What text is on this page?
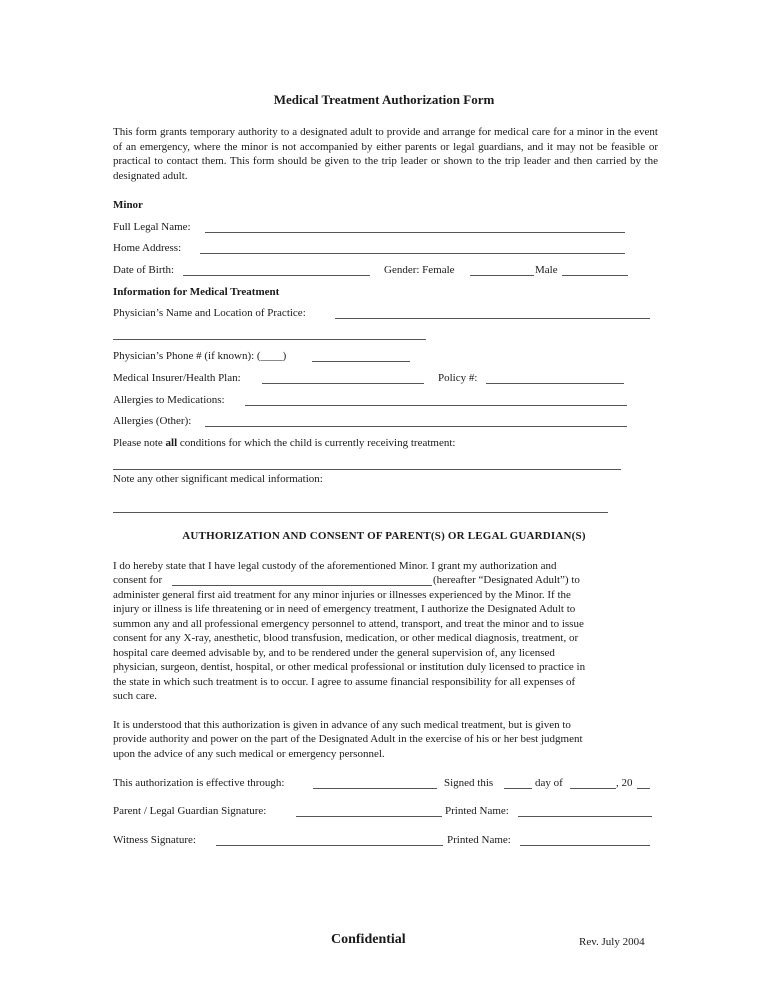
Medical Treatment Authorization Form
This form grants temporary authority to a designated adult to provide and arrange for medical care for a minor in the event of an emergency, where the minor is not accompanied by either parents or legal guardians, and it may not be feasible or practical to contact them. This form should be given to the trip leader or shown to the trip leader and then carried by the designated adult.
Minor
Full Legal Name:
Home Address:
Date of Birth:	Gender: Female	Male
Information for Medical Treatment
Physician’s Name and Location of Practice:
Physician’s Phone # (if known): (____)
Medical Insurer/Health Plan:	Policy #:
Allergies to Medications:
Allergies (Other):
Please note all conditions for which the child is currently receiving treatment:
Note any other significant medical information:
AUTHORIZATION AND CONSENT OF PARENT(S) OR LEGAL GUARDIAN(S)
I do hereby state that I have legal custody of the aforementioned Minor. I grant my authorization and
consent for	(hereafter “Designated Adult”) to
administer general first aid treatment for any minor injuries or illnesses experienced by the Minor. If the
injury or illness is life threatening or in need of emergency treatment, I authorize the Designated Adult to
summon any and all professional emergency personnel to attend, transport, and treat the minor and to issue
consent for any X-ray, anesthetic, blood transfusion, medication, or other medical diagnosis, treatment, or
hospital care deemed advisable by, and to be rendered under the general supervision of, any licensed
physician, surgeon, dentist, hospital, or other medical professional or institution duly licensed to practice in
the state in which such treatment is to occur. I agree to assume financial responsibility for all expenses of
such care.
It is understood that this authorization is given in advance of any such medical treatment, but is given to
provide authority and power on the part of the Designated Adult in the exercise of his or her best judgment
upon the advice of any such medical or emergency personnel.
This authorization is effective through:	Signed this	day of	, 20
Parent / Legal Guardian Signature:	Printed Name:
Witness Signature:	Printed Name:
Confidential	Rev. July 2004
